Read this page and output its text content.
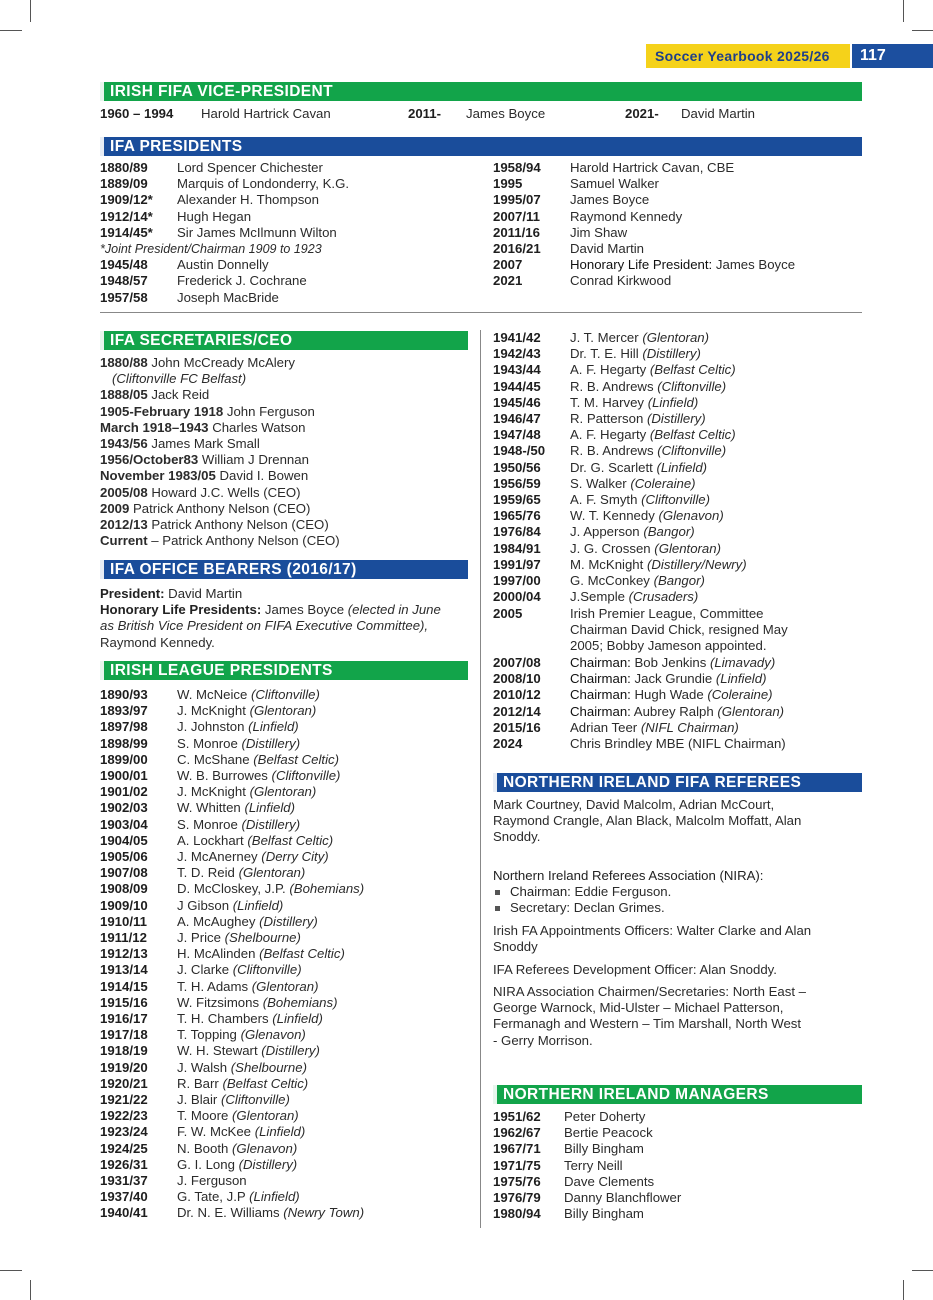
Soccer Yearbook 2025/26	117
IRISH FIFA VICE-PRESIDENT
1960 – 1994 Harold Hartrick Cavan	2011- James Boyce	2021- David Martin
IFA PRESIDENTS
1880/89 Lord Spencer Chichester
1889/09 Marquis of Londonderry, K.G.
1909/12* Alexander H. Thompson
1912/14* Hugh Hegan
1914/45* Sir James McIlmunn Wilton
*Joint President/Chairman 1909 to 1923
1945/48 Austin Donnelly
1948/57 Frederick J. Cochrane
1957/58 Joseph MacBride
1958/94 Harold Hartrick Cavan, CBE
1995	Samuel Walker
1995/07 James Boyce
2007/11 Raymond Kennedy
2011/16 Jim Shaw
2016/21 David Martin
2007	Honorary Life President: James Boyce
2021	Conrad Kirkwood
IFA SECRETARIES/CEO
1880/88 John McCready McAlery
(Cliftonville FC Belfast)
1888/05 Jack Reid
1905-February 1918 John Ferguson
March 1918–1943 Charles Watson
1943/56 James Mark Small
1956/October83 William J Drennan
November 1983/05 David I. Bowen
2005/08 Howard J.C. Wells (CEO)
2009 Patrick Anthony Nelson (CEO)
2012/13 Patrick Anthony Nelson (CEO)
Current – Patrick Anthony Nelson (CEO)
IFA OFFICE BEARERS (2016/17)
President: David Martin
Honorary Life Presidents: James Boyce (elected in June
as British Vice President on FIFA Executive Committee),
Raymond Kennedy.
IRISH LEAGUE PRESIDENTS
1890/93 W. McNeice (Cliftonville)
1893/97 J. McKnight (Glentoran)
1897/98 J. Johnston (Linfield)
1898/99 S. Monroe (Distillery)
1899/00 C. McShane (Belfast Celtic)
1900/01 W. B. Burrowes (Cliftonville)
1901/02 J. McKnight (Glentoran)
1902/03 W. Whitten (Linfield)
1903/04 S. Monroe (Distillery)
1904/05 A. Lockhart (Belfast Celtic)
1905/06 J. McAnerney (Derry City)
1907/08 T. D. Reid (Glentoran)
1908/09 D. McCloskey, J.P. (Bohemians)
1909/10 J Gibson (Linfield)
1910/11 A. McAughey (Distillery)
1911/12 J. Price (Shelbourne)
1912/13 H. McAlinden (Belfast Celtic)
1913/14 J. Clarke (Cliftonville)
1914/15 T. H. Adams (Glentoran)
1915/16 W. Fitzsimons (Bohemians)
1916/17 T. H. Chambers (Linfield)
1917/18 T. Topping (Glenavon)
1918/19 W. H. Stewart (Distillery)
1919/20 J. Walsh (Shelbourne)
1920/21 R. Barr (Belfast Celtic)
1921/22 J. Blair (Cliftonville)
1922/23 T. Moore (Glentoran)
1923/24 F. W. McKee (Linfield)
1924/25 N. Booth (Glenavon)
1926/31 G. I. Long (Distillery)
1931/37 J. Ferguson
1937/40 G. Tate, J.P (Linfield)
1940/41 Dr. N. E. Williams (Newry Town)
1941/42 J. T. Mercer (Glentoran)
1942/43 Dr. T. E. Hill (Distillery)
1943/44 A. F. Hegarty (Belfast Celtic)
1944/45 R. B. Andrews (Cliftonville)
1945/46 T. M. Harvey (Linfield)
1946/47 R. Patterson (Distillery)
1947/48 A. F. Hegarty (Belfast Celtic)
1948-/50 R. B. Andrews (Cliftonville)
1950/56 Dr. G. Scarlett (Linfield)
1956/59 S. Walker (Coleraine)
1959/65 A. F. Smyth (Cliftonville)
1965/76 W. T. Kennedy (Glenavon)
1976/84 J. Apperson (Bangor)
1984/91 J. G. Crossen (Glentoran)
1991/97 M. McKnight (Distillery/Newry)
1997/00 G. McConkey (Bangor)
2000/04 J.Semple (Crusaders)
2005	Irish Premier League, Committee
Chairman David Chick, resigned May
2005; Bobby Jameson appointed.
2007/08 Chairman: Bob Jenkins (Limavady)
2008/10 Chairman: Jack Grundie (Linfield)
2010/12 Chairman: Hugh Wade (Coleraine)
2012/14 Chairman: Aubrey Ralph (Glentoran)
2015/16 Adrian Teer (NIFL Chairman)
2024	Chris Brindley MBE (NIFL Chairman)
NORTHERN IRELAND FIFA REFEREES
Mark Courtney, David Malcolm, Adrian McCourt,
Raymond Crangle, Alan Black, Malcolm Moffatt, Alan
Snoddy.
Northern Ireland Referees Association (NIRA):
Chairman: Eddie Ferguson.
Secretary: Declan Grimes.
Irish FA Appointments Officers: Walter Clarke and Alan
Snoddy
IFA Referees Development Officer: Alan Snoddy.
NIRA Association Chairmen/Secretaries: North East –
George Warnock, Mid-Ulster – Michael Patterson,
Fermanagh and Western – Tim Marshall, North West
- Gerry Morrison.
NORTHERN IRELAND MANAGERS
1951/62 Peter Doherty
1962/67 Bertie Peacock
1967/71 Billy Bingham
1971/75 Terry Neill
1975/76 Dave Clements
1976/79 Danny Blanchflower
1980/94 Billy Bingham
